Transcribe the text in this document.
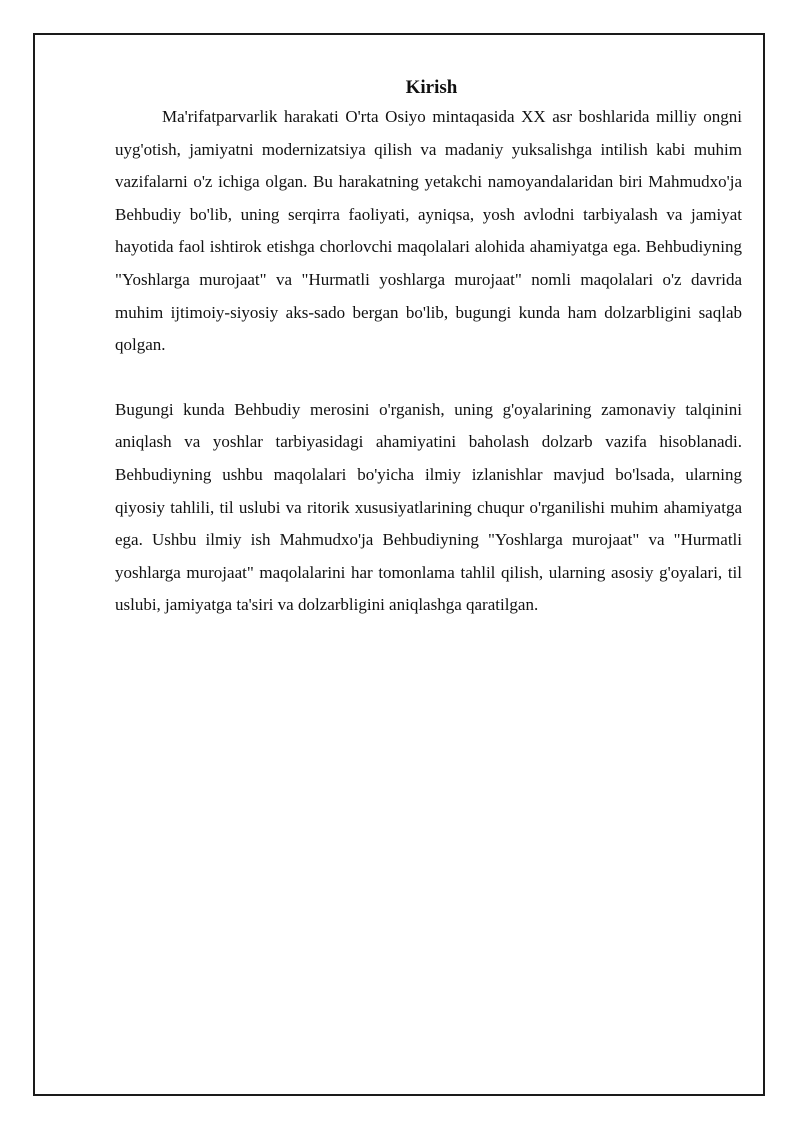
Kirish

Ma'rifatparvarlik harakati O'rta Osiyo mintaqasida XX asr boshlarida milliy ongni uyg'otish, jamiyatni modernizatsiya qilish va madaniy yuksalishga intilish kabi muhim vazifalarni o'z ichiga olgan. Bu harakatning yetakchi namoyandalaridan biri Mahmudxo'ja Behbudiy bo'lib, uning serqirra faoliyati, ayniqsa, yosh avlodni tarbiyalash va jamiyat hayotida faol ishtirok etishga chorlovchi maqolalari alohida ahamiyatga ega. Behbudiyning "Yoshlarga murojaat" va "Hurmatli yoshlarga murojaat" nomli maqolalari o'z davrida muhim ijtimoiy-siyosiy aks-sado bergan bo'lib, bugungi kunda ham dolzarbligini saqlab qolgan.

Bugungi kunda Behbudiy merosini o'rganish, uning g'oyalarining zamonaviy talqinini aniqlash va yoshlar tarbiyasidagi ahamiyatini baholash dolzarb vazifa hisoblanadi. Behbudiyning ushbu maqolalari bo'yicha ilmiy izlanishlar mavjud bo'lsada, ularning qiyosiy tahlili, til uslubi va ritorik xususiyatlarining chuqur o'rganilishi muhim ahamiyatga ega. Ushbu ilmiy ish Mahmudxo'ja Behbudiyning "Yoshlarga murojaat" va "Hurmatli yoshlarga murojaat" maqolalarini har tomonlama tahlil qilish, ularning asosiy g'oyalari, til uslubi, jamiyatga ta'siri va dolzarbligini aniqlashga qaratilgan.
